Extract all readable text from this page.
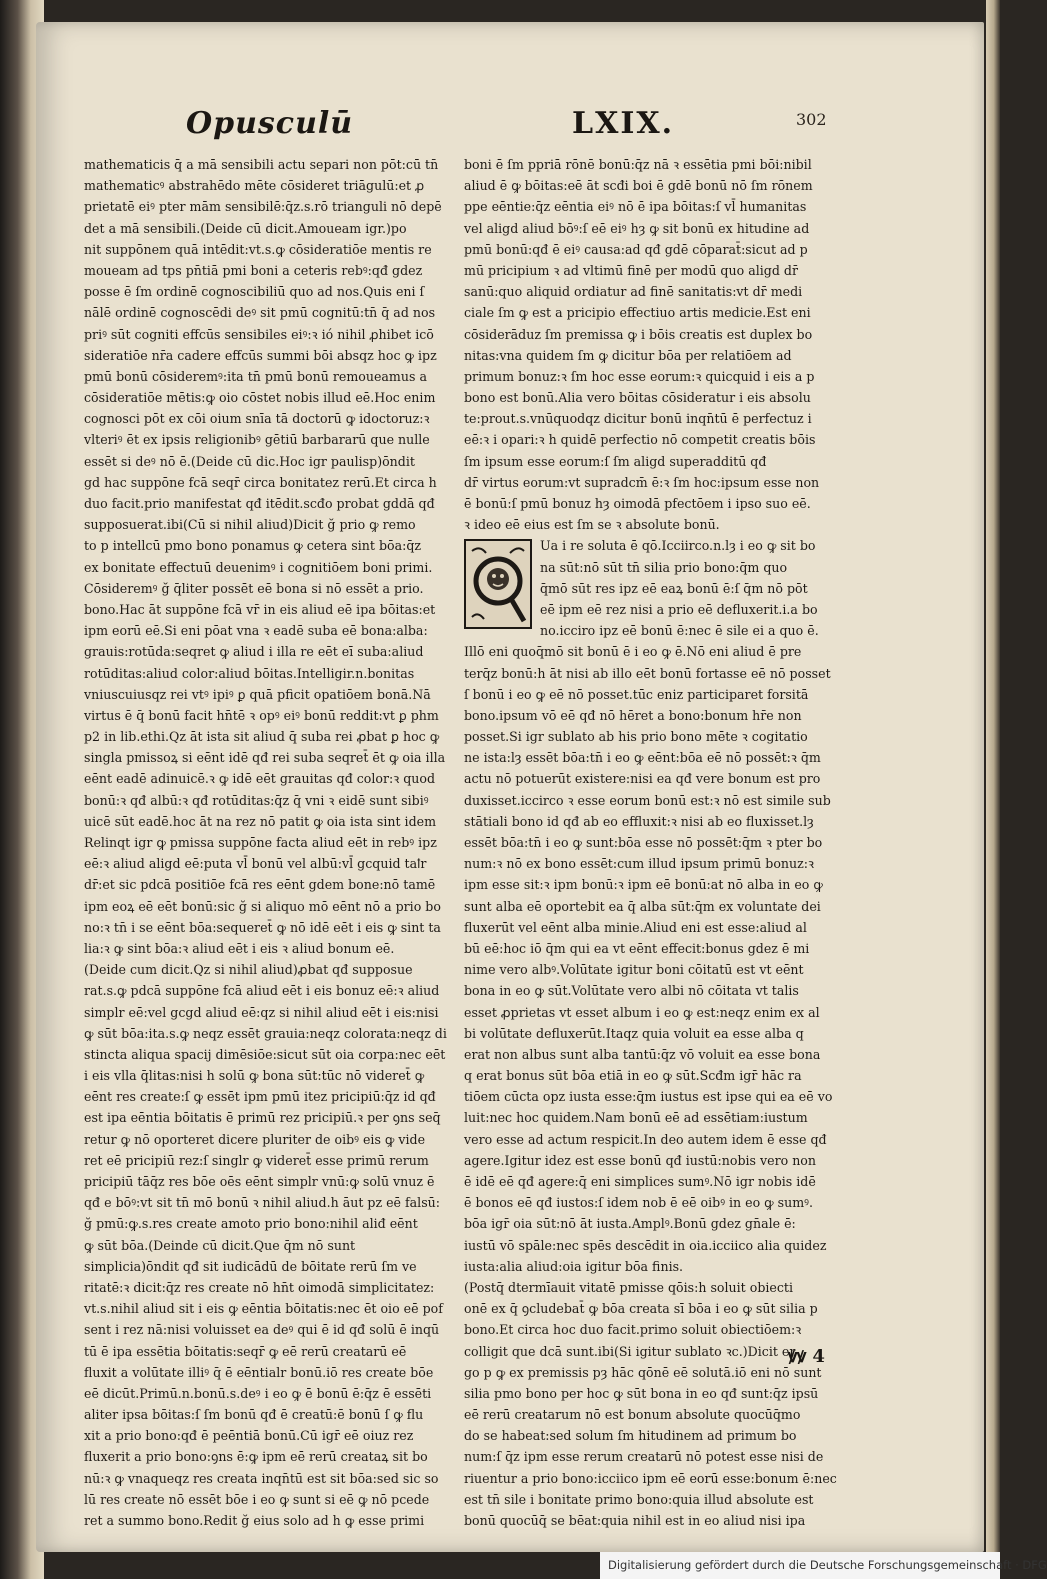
Opusculū	LXIX.	302
mathematicis q̄ a mā sensibili actu separi non pōt:cū tn̄
mathematicꝰ abstrahēdo mēte cōsideret triāgulū:et ꝓ
prietatē eiꝰ pter mām sensibilē:q̄z.s.rō trianguli nō depē
det a mā sensibili.(Deide cū dicit.Amoueam igr.)po
nit suppōnem quā intēdit:vt.s.ꝙ cōsideratiōe mentis re
moueam ad tps pn̄tiā pmi boni a ceteris rebꝰ:qđ gdez
posse ē ſm ordinē cognoscibiliū quo ad nos.Quis eni ſ
nālē ordinē cognoscēdi deꝰ sit pmū cognitū:tn̄ q̄ ad nos
priꝰ sūt cogniti effcūs sensibiles eiꝰ:ꝛ ió nihil ꝓhibet icō
sideratiōe nr̄a cadere effcūs summi bōi absqz hoc ꝙ ipz
pmū bonū cōsideremꝰ:ita tn̄ pmū bonū remoueamus a
cōsideratiōe mētis:ꝙ oio cōstet nobis illud eē.Hoc enim
cognosci pōt ex cōi oium snīa tā doctorū ꝙ idoctoruz:ꝛ
vlteriꝰ ēt ex ipsis religionibꝰ gētiū barbararū que nulle
essēt si deꝰ nō ē.(Deide cū dic.Hoc igr paulisp)ōndit
gd hac suppōne fcā seqr̄ circa bonitatez rerū.Et circa h
duo facit.prio manifestat qđ itēdit.scđo probat gddā qđ
supposuerat.ibi(Cū si nihil aliud)Dicit ğ prio ꝙ remo
to p intellcū pmo bono ponamus ꝙ cetera sint bōa:q̄z
ex bonitate effectuū deuenimꝰ i cognitiōem boni primi.
Cōsideremꝰ ğ q̄liter possēt eē bona si nō essēt a prio.
bono.Hac āt suppōne fcā vr̄ in eis aliud eē ipa bōitas:et
ipm eorū eē.Si eni pōat vna ꝛ eadē suba eē bona:alba:
grauis:rotūda:seqret ꝙ aliud i illa re eēt eī suba:aliud
rotūditas:aliud color:aliud bōitas.Intelligir.n.bonitas
vniuscuiusqz rei vtꝰ ipiꝰ ꝑ quā pficit opatiōem bonā.Nā
virtus ē q̄ bonū facit hn̄tē ꝛ opꝰ eiꝰ bonū reddit:vt ꝑ phm
p2 in lib.ethi.Qz āt ista sit aliud q̄ suba rei ꝓbat ꝑ hoc ꝙ
singla pmissoꝝ si eēnt idē qđ rei suba seqret̄ ēt ꝙ oia illa
eēnt eadē adinuicē.ꝛ ꝙ idē eēt grauitas qđ color:ꝛ quod
bonū:ꝛ qđ albū:ꝛ qđ rotūditas:q̄z q̄ vni ꝛ eidē sunt sibiꝰ
uicē sūt eadē.hoc āt na rez nō patit ꝙ oia ista sint idem
Relinqt igr ꝙ pmissa suppōne facta aliud eēt in rebꝰ ipz
eē:ꝛ aliud aligd eē:puta vl̄ bonū vel albū:vl̄ gcquid taꝉr
dr̄:et sic pdcā positiōe fcā res eēnt gdem bone:nō tamē
ipm eoꝝ eē eēt bonū:sic ğ si aliquo mō eēnt nō a prio bo
no:ꝛ tn̄ i se eēnt bōa:sequeret̄ ꝙ nō idē eēt i eis ꝙ sint ta
lia:ꝛ ꝙ sint bōa:ꝛ aliud eēt i eis ꝛ aliud bonum eē.
(Deide cum dicit.Qz si nihil aliud)ꝓbat qđ supposue
rat.s.ꝙ pdcā suppōne fcā aliud eēt i eis bonuz eē:ꝛ aliud
simplr eē:vel gcgd aliud eē:qz si nihil aliud eēt i eis:nisi
ꝙ sūt bōa:ita.s.ꝙ neqz essēt grauia:neqz colorata:neqz di
stincta aliqua spacij dimēsiōe:sicut sūt oia corpa:nec eēt
i eis vlla q̄litas:nisi h solū ꝙ bona sūt:tūc nō videret̄ ꝙ
eēnt res create:ſ ꝙ essēt ipm pmū itez pricipiū:q̄z id qđ
est ipa eēntia bōitatis ē primū rez pricipiū.ꝛ per ꝯns seq̄
retur ꝙ nō oporteret dicere pluriter de oibꝰ eis ꝙ vide
ret eē pricipiū rez:ſ singlr ꝙ videret̄ esse primū rerum
pricipiū tāq̄z res bōe oēs eēnt simplr vnū:ꝙ solū vnuz ē
qđ e bōꝰ:vt sit tn̄ mō bonū ꝛ nihil aliud.h āut pz eē falsū:
ğ pmū:ꝙ.s.res create amoto prio bono:nihil aliđ eēnt
ꝙ sūt bōa.(Deinde cū dicit.Que q̄m nō sunt
simplicia)ōndit qđ sit iudicādū de bōitate rerū ſm ve
ritatē:ꝛ dicit:q̄z res create nō hn̄t oimodā simplicitatez:
vt.s.nihil aliud sit i eis ꝙ eēntia bōitatis:nec ēt oio eē pof
sent i rez nā:nisi voluisset ea deꝰ qui ē id qđ solū ē inqū
tū ē ipa essētia bōitatis:seqr̄ ꝙ eē rerū creatarū eē
fluxit a volūtate illiꝰ q̄ ē eēntialr bonū.iō res create bōe
eē dicūt.Primū.n.bonū.s.deꝰ i eo ꝙ ē bonū ē:q̄z ē essēti
aliter ipsa bōitas:ſ ſm bonū qđ ē creatū:ē bonū ſ ꝙ flu
xit a prio bono:qđ ē peēntiā bonū.Cū igr̄ eē oiuz rez
fluxerit a prio bono:ꝯns ē:ꝙ ipm eē rerū creataꝝ sit bo
nū:ꝛ ꝙ vnaqueqz res creata inqn̄tū est sit bōa:sed sic so
lū res create nō essēt bōe i eo ꝙ sunt si eē ꝙ nō pcede
ret a summo bono.Redit ğ eius solo ad h ꝙ esse primi
boni ē ſm ppriā rōnē bonū:q̄z nā ꝛ essētia pmi bōi:nibil
aliud ē ꝙ bōitas:eē āt scđi boi ē gdē bonū nō ſm rōnem
ppe eēntie:q̄z eēntia eiꝰ nō ē ipa bōitas:ſ vl̄ humanitas
vel aligd aliud bōꝰ:ſ eē eiꝰ hȝ ꝙ sit bonū ex hitudine ad
pmū bonū:qđ ē eiꝰ causa:ad qđ gdē cōparat̄:sicut ad p
mū pricipium ꝛ ad vltimū finē per modū quo aligd dr̄
sanū:quo aliquid ordiatur ad finē sanitatis:vt dr̄ medi
ciale ſm ꝙ est a pricipio effectiuo artis medicie.Est eni
cōsiderāduz ſm premissa ꝙ i bōis creatis est duplex bo
nitas:vna quidem ſm ꝙ dicitur bōa per relatiōem ad
primum bonuz:ꝛ ſm hoc esse eorum:ꝛ quicquid i eis a p
bono est bonū.Alia vero bōitas cōsideratur i eis absolu
te:prout.s.vnūquodqz dicitur bonū inqn̄tū ē perfectuz i
eē:ꝛ i opari:ꝛ h quidē perfectio nō competit creatis bōis
ſm ipsum esse eorum:ſ ſm aligd superadditū qđ
dr̄ virtus eorum:vt supradcm̄ ē:ꝛ ſm hoc:ipsum esse non
ē bonū:ſ pmū bonuz hȝ oimodā pfectōem i ipso suo eē.
ꝛ ideo eē eius est ſm se ꝛ absolute bonū.
Ua i re soluta ē qō.Icciirco.n.lȝ i eo ꝙ sit bo
na sūt:nō sūt tn̄ silia prio bono:q̄m quo
q̄mō sūt res ipz eē eaꝝ bonū ē:ſ q̄m nō pōt
eē ipm eē rez nisi a prio eē defluxerit.i.a bo
no.icciro ipz eē bonū ē:nec ē sile ei a quo ē.
Illō eni quoq̄mō sit bonū ē i eo ꝙ ē.Nō eni aliud ē pre
terq̄z bonū:h āt nisi ab illo eēt bonū fortasse eē nō posset
ſ bonū i eo ꝙ eē nō posset.tūc eniz participaret forsitā
bono.ipsum vō eē qđ nō hēret a bono:bonum hr̄e non
posset.Si igr sublato ab his prio bono mēte ꝛ cogitatio
ne ista:lȝ essēt bōa:tn̄ i eo ꝙ eēnt:bōa eē nō possēt:ꝛ q̄m
actu nō potuerūt existere:nisi ea qđ vere bonum est pro
duxisset.iccirco ꝛ esse eorum bonū est:ꝛ nō est simile sub
stātiali bono id qđ ab eo effluxit:ꝛ nisi ab eo fluxisset.lȝ
essēt bōa:tn̄ i eo ꝙ sunt:bōa esse nō possēt:q̄m ꝛ pter bo
num:ꝛ nō ex bono essēt:cum illud ipsum primū bonuz:ꝛ
ipm esse sit:ꝛ ipm bonū:ꝛ ipm eē bonū:at nō alba in eo ꝙ
sunt alba eē oportebit ea q̄ alba sūt:q̄m ex voluntate dei
fluxerūt vel eēnt alba minie.Aliud eni est esse:aliud al
bū eē:hoc iō q̄m qui ea vt eēnt effecit:bonus gdez ē mi
nime vero albꝰ.Volūtate igitur boni cōitatū est vt eēnt
bona in eo ꝙ sūt.Volūtate vero albi nō cōitata vt talis
esset ꝓprietas vt esset album i eo ꝙ est:neqz enim ex al
bi volūtate defluxerūt.Itaqz quia voluit ea esse alba q
erat non albus sunt alba tantū:q̄z vō voluit ea esse bona
q erat bonus sūt bōa etiā in eo ꝙ sūt.Scđm igr̄ hāc ra
tiōem cūcta opz iusta esse:q̄m iustus est ipse qui ea eē vo
luit:nec hoc quidem.Nam bonū eē ad essētiam:iustum
vero esse ad actum respicit.In deo autem idem ē esse qđ
agere.Igitur idez est esse bonū qđ iustū:nobis vero non
ē idē eē qđ agere:q̄ eni simplices sumꝰ.Nō igr nobis idē
ē bonos eē qđ iustos:ſ idem nob ē eē oibꝰ in eo ꝙ sumꝰ.
bōa igr̄ oia sūt:nō āt iusta.Amplꝰ.Bonū gdez gn̄ale ē:
iustū vō spāle:nec spēs descēdit in oia.icciico alia quidez
iusta:alia aliud:oia igitur bōa finis.
(Postq̄ dtermīauit vitatē pmisse qōis:h soluit obiecti
onē ex q̄ ꝯcludebat̄ ꝙ bōa creata sī bōa i eo ꝙ sūt silia p
bono.Et circa hoc duo facit.primo soluit obiectiōem:ꝛ
colligit que dcā sunt.ibi(Si igitur sublato ꝛc.)Dicit er
go p ꝙ ex premissis pȝ hāc qōnē eē solutā.iō eni nō sunt
silia pmo bono per hoc ꝙ sūt bona in eo qđ sunt:q̄z ipsū
eē rerū creatarum nō est bonum absolute quocūq̄mo
do se habeat:sed solum ſm hitudinem ad primum bo
num:ſ q̄z ipm esse rerum creatarū nō potest esse nisi de
riuentur a prio bono:icciico ipm eē eorū esse:bonum ē:nec
est tn̄ sile i bonitate primo bono:quia illud absolute est
bonū quocūq̄ se bēat:quia nihil est in eo aliud nisi ipa
ꝟꝟ 4
Digitalisierung gefördert durch die Deutsche Forschungsgemeinschaft · DFG
